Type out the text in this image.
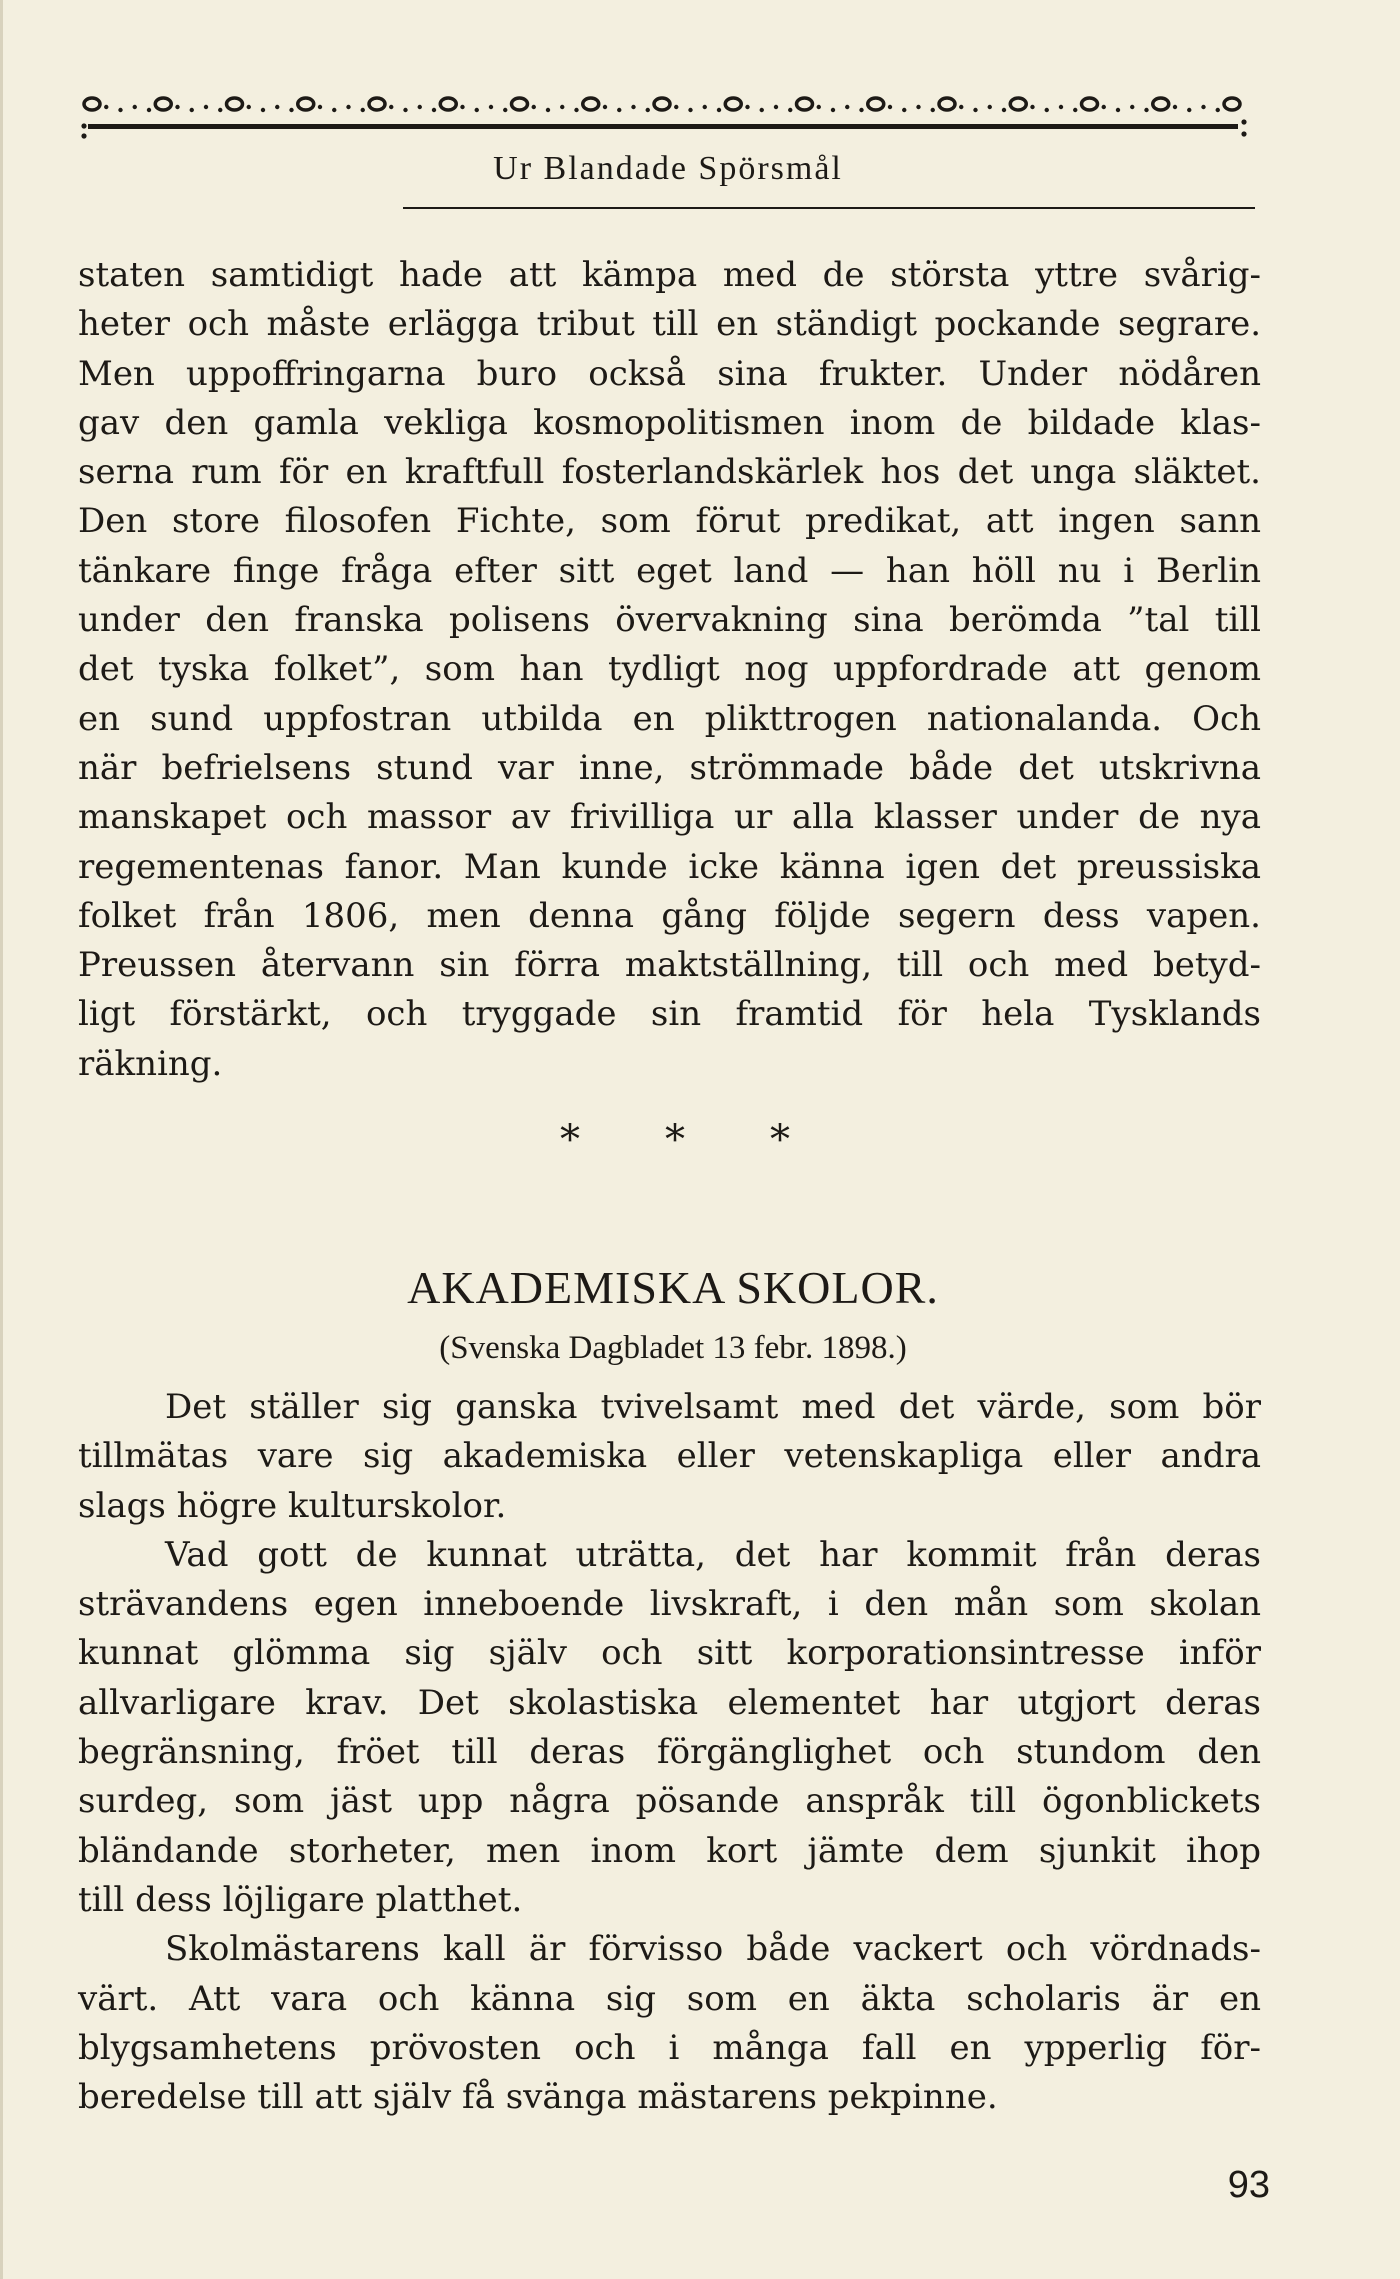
Ur Blandade Spörsmål
staten samtidigt hade att kämpa med de största yttre svårig-
heter och måste erlägga tribut till en ständigt pockande segrare.
Men uppoffringarna buro också sina frukter. Under nödåren
gav den gamla vekliga kosmopolitismen inom de bildade klas-
serna rum för en kraftfull fosterlandskärlek hos det unga släktet.
Den store filosofen Fichte, som förut predikat, att ingen sann
tänkare finge fråga efter sitt eget land — han höll nu i Berlin
under den franska polisens övervakning sina berömda ”tal till
det tyska folket”, som han tydligt nog uppfordrade att genom
en sund uppfostran utbilda en plikttrogen nationalanda. Och
när befrielsens stund var inne, strömmade både det utskrivna
manskapet och massor av frivilliga ur alla klasser under de nya
regementenas fanor. Man kunde icke känna igen det preussiska
folket från 1806, men denna gång följde segern dess vapen.
Preussen återvann sin förra maktställning, till och med betyd-
ligt förstärkt, och tryggade sin framtid för hela Tysklands
räkning.
* * *
AKADEMISKA SKOLOR.
(Svenska Dagbladet 13 febr. 1898.)
Det ställer sig ganska tvivelsamt med det värde, som bör
tillmätas vare sig akademiska eller vetenskapliga eller andra
slags högre kulturskolor.
Vad gott de kunnat uträtta, det har kommit från deras
strävandens egen inneboende livskraft, i den mån som skolan
kunnat glömma sig själv och sitt korporationsintresse inför
allvarligare krav. Det skolastiska elementet har utgjort deras
begränsning, fröet till deras förgänglighet och stundom den
surdeg, som jäst upp några pösande anspråk till ögonblickets
bländande storheter, men inom kort jämte dem sjunkit ihop
till dess löjligare platthet.
Skolmästarens kall är förvisso både vackert och vördnads-
värt. Att vara och känna sig som en äkta scholaris är en
blygsamhetens prövosten och i många fall en ypperlig för-
beredelse till att själv få svänga mästarens pekpinne.
93
